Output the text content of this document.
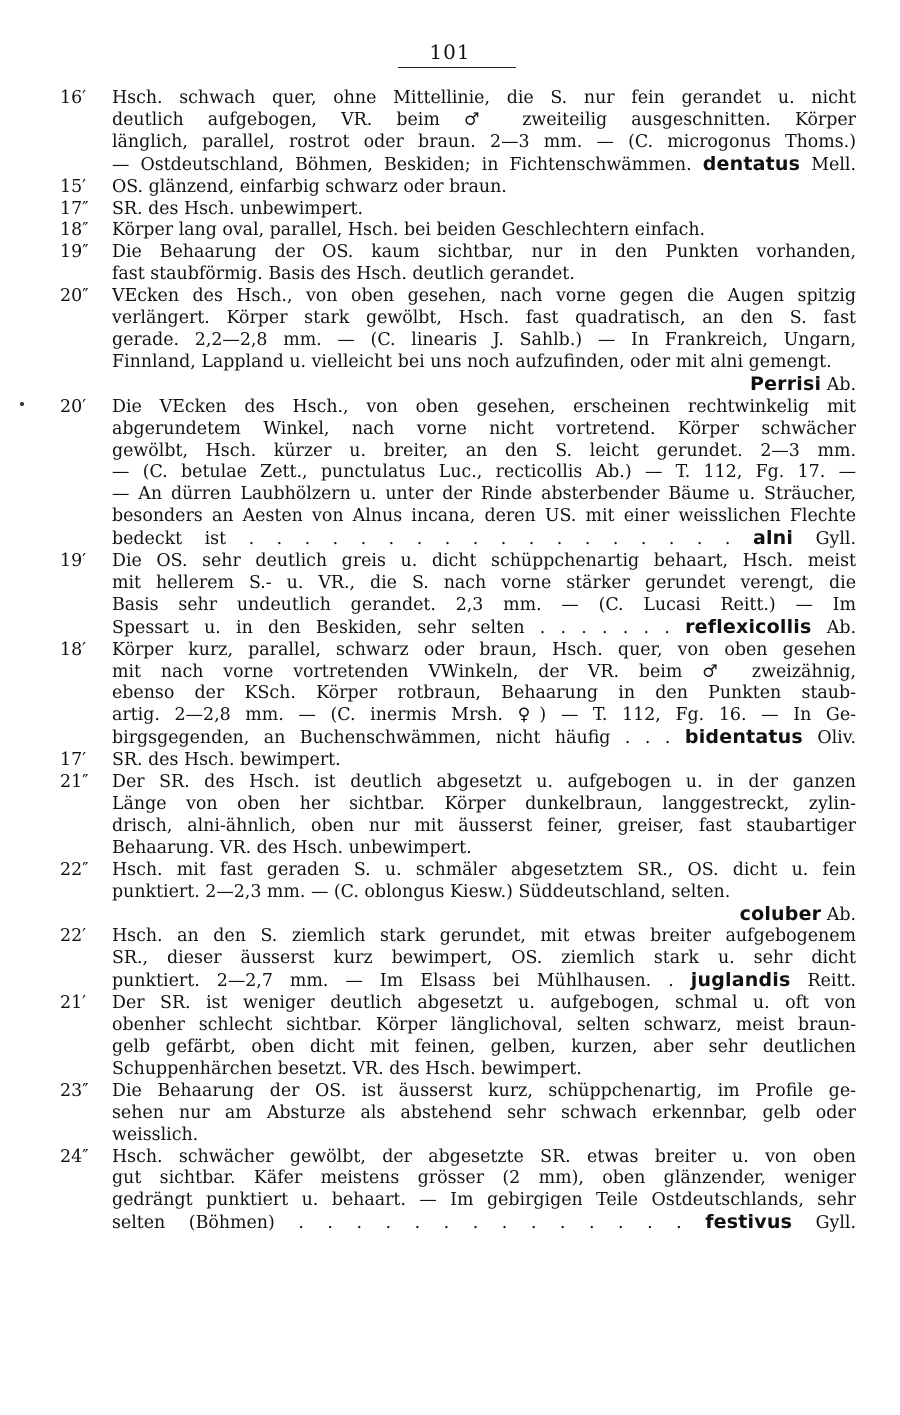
101
16′	Hsch. schwach quer, ohne Mittellinie, die S. nur fein gerandet u. nicht
deutlich aufgebogen, VR. beim ♂ zweiteilig ausgeschnitten. Körper
länglich, parallel, rostrot oder braun. 2—3 mm. — (C. microgonus Thoms.)
— Ostdeutschland, Böhmen, Beskiden; in Fichtenschwämmen. dentatus Mell.
15′	OS. glänzend, einfarbig schwarz oder braun.
17″	SR. des Hsch. unbewimpert.
18″	Körper lang oval, parallel, Hsch. bei beiden Geschlechtern einfach.
19″	Die Behaarung der OS. kaum sichtbar, nur in den Punkten vorhanden,
fast staubförmig. Basis des Hsch. deutlich gerandet.
20″	VEcken des Hsch., von oben gesehen, nach vorne gegen die Augen spitzig
verlängert. Körper stark gewölbt, Hsch. fast quadratisch, an den S. fast
gerade. 2,2—2,8 mm. — (C. linearis J. Sahlb.) — In Frankreich, Ungarn,
Finnland, Lappland u. vielleicht bei uns noch aufzufinden, oder mit alni gemengt.
Perrisi Ab.
20′	Die VEcken des Hsch., von oben gesehen, erscheinen rechtwinkelig mit
abgerundetem Winkel, nach vorne nicht vortretend. Körper schwächer
gewölbt, Hsch. kürzer u. breiter, an den S. leicht gerundet. 2—3 mm.
— (C. betulae Zett., punctulatus Luc., recticollis Ab.) — T. 112, Fg. 17. —
— An dürren Laubhölzern u. unter der Rinde absterbender Bäume u. Sträucher,
besonders an Aesten von Alnus incana, deren US. mit einer weisslichen Flechte
bedeckt ist . . . . . . . . . . . . . . . . . . alni Gyll.
19′	Die OS. sehr deutlich greis u. dicht schüppchenartig behaart, Hsch. meist
mit hellerem S.- u. VR., die S. nach vorne stärker gerundet verengt, die
Basis sehr undeutlich gerandet. 2,3 mm. — (C. Lucasi Reitt.) — Im
Spessart u. in den Beskiden, sehr selten . . . . . . . reflexicollis Ab.
18′	Körper kurz, parallel, schwarz oder braun, Hsch. quer, von oben gesehen
mit nach vorne vortretenden VWinkeln, der VR. beim ♂ zweizähnig,
ebenso der KSch. Körper rotbraun, Behaarung in den Punkten staub-
artig. 2—2,8 mm. — (C. inermis Mrsh. ♀) — T. 112, Fg. 16. — In Ge-
birgsgegenden, an Buchenschwämmen, nicht häufig . . . bidentatus Oliv.
17′	SR. des Hsch. bewimpert.
21″	Der SR. des Hsch. ist deutlich abgesetzt u. aufgebogen u. in der ganzen
Länge von oben her sichtbar. Körper dunkelbraun, langgestreckt, zylin-
drisch, alni-ähnlich, oben nur mit äusserst feiner, greiser, fast staubartiger
Behaarung. VR. des Hsch. unbewimpert.
22″	Hsch. mit fast geraden S. u. schmäler abgesetztem SR., OS. dicht u. fein
punktiert. 2—2,3 mm. — (C. oblongus Kiesw.) Süddeutschland, selten.
coluber Ab.
22′	Hsch. an den S. ziemlich stark gerundet, mit etwas breiter aufgebogenem
SR., dieser äusserst kurz bewimpert, OS. ziemlich stark u. sehr dicht
punktiert. 2—2,7 mm. — Im Elsass bei Mühlhausen. . juglandis Reitt.
21′	Der SR. ist weniger deutlich abgesetzt u. aufgebogen, schmal u. oft von
obenher schlecht sichtbar. Körper länglichoval, selten schwarz, meist braun-
gelb gefärbt, oben dicht mit feinen, gelben, kurzen, aber sehr deutlichen
Schuppenhärchen besetzt. VR. des Hsch. bewimpert.
23″	Die Behaarung der OS. ist äusserst kurz, schüppchenartig, im Profile ge-
sehen nur am Absturze als abstehend sehr schwach erkennbar, gelb oder
weisslich.
24″	Hsch. schwächer gewölbt, der abgesetzte SR. etwas breiter u. von oben
gut sichtbar. Käfer meistens grösser (2 mm), oben glänzender, weniger
gedrängt punktiert u. behaart. — Im gebirgigen Teile Ostdeutschlands, sehr
selten (Böhmen) . . . . . . . . . . . . . . festivus Gyll.
